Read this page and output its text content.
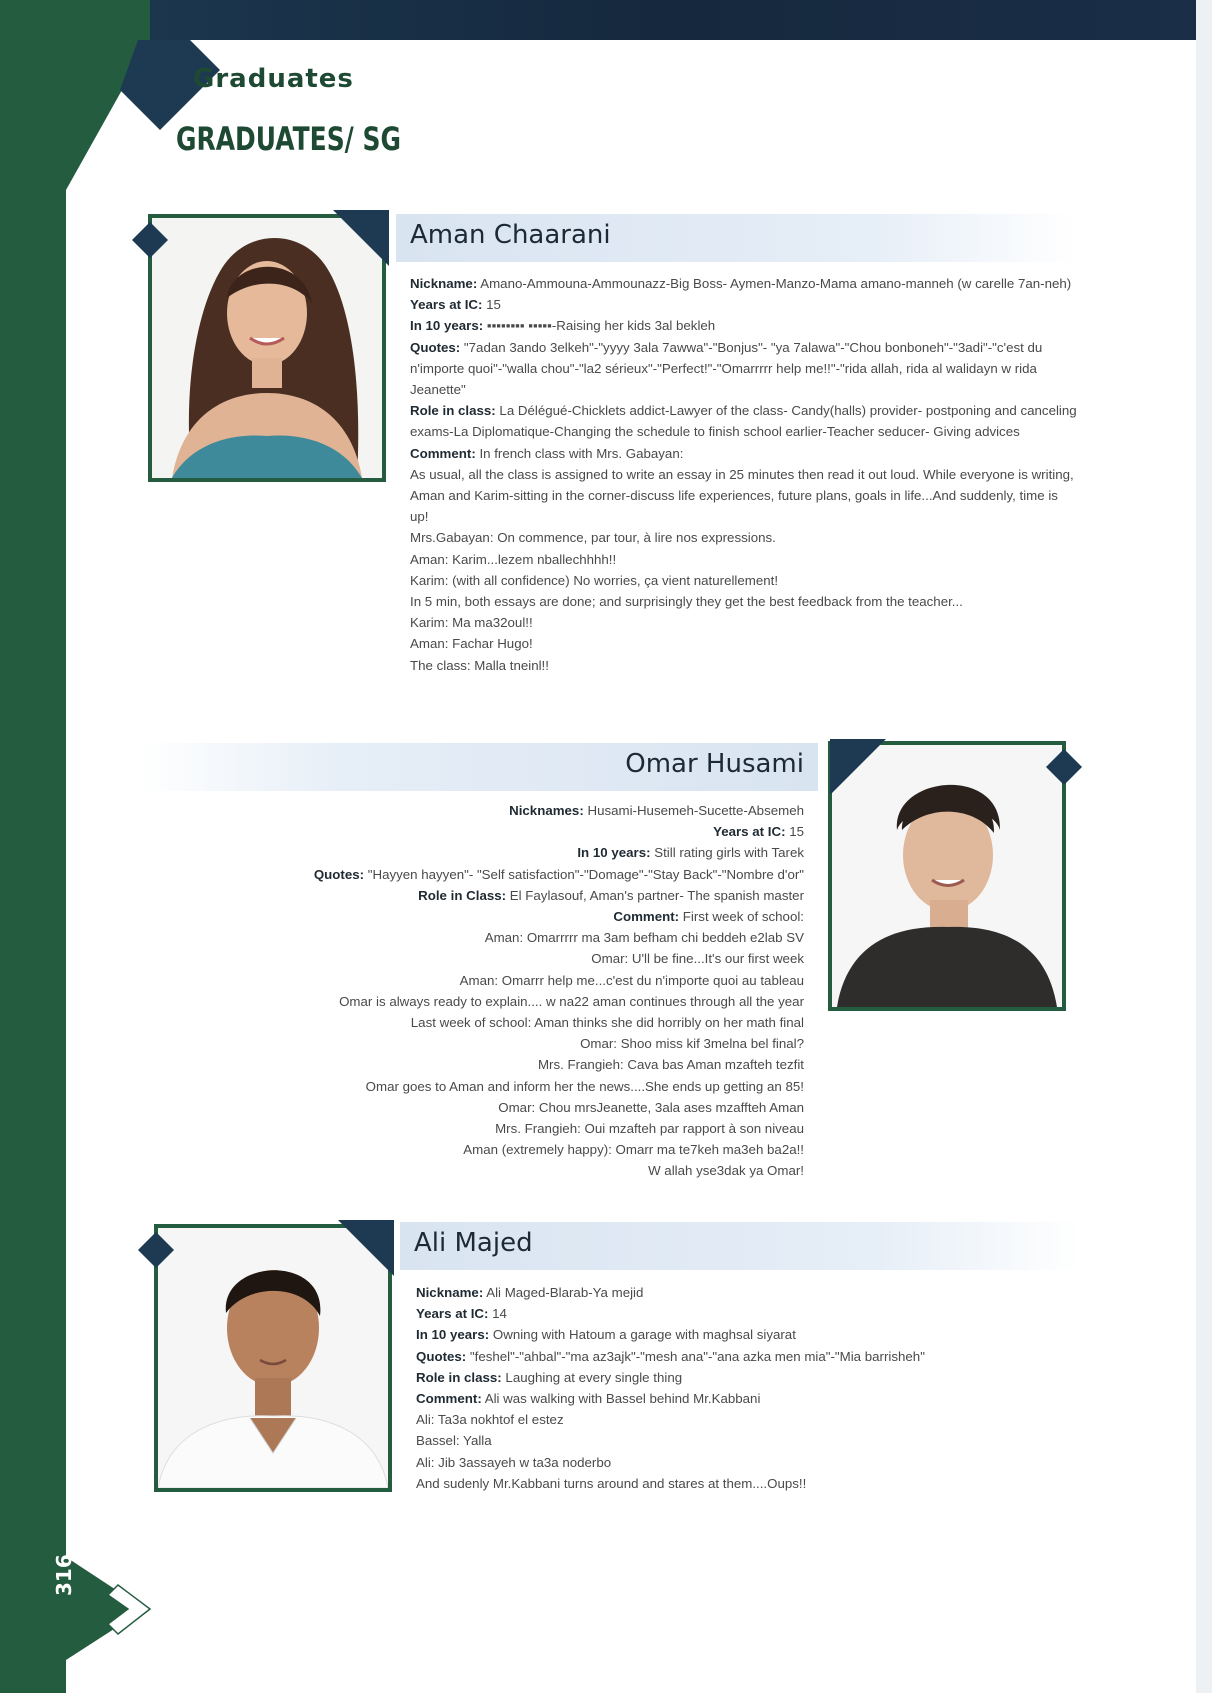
Graduates
GRADUATES/ SG
Aman Chaarani

Nickname: Amano-Ammouna-Ammounazz-Big Boss- Aymen-Manzo-Mama amano-manneh (w carelle 7an-neh)

Years at IC: 15

In 10 years: ▪▪▪▪▪▪▪▪ ▪▪▪▪▪-Raising her kids 3al bekleh

Quotes: "7adan 3ando 3elkeh"-"yyyy 3ala 7awwa"-"Bonjus"- "ya 7alawa"-"Chou bonboneh"-"3adi"-"c'est du n'importe quoi"-"walla chou"-"la2 sérieux"-"Perfect!"-"Omarrrrr help me!!"-"rida allah, rida al walidayn w rida Jeanette"

Role in class: La Délégué-Chicklets addict-Lawyer of the class- Candy(halls) provider- postponing and canceling exams-La Diplomatique-Changing the schedule to finish school earlier-Teacher seducer- Giving advices

Comment: In french class with Mrs. Gabayan:

As usual, all the class is assigned to write an essay in 25 minutes then read it out loud. While everyone is writing, Aman and Karim-sitting in the corner-discuss life experiences, future plans, goals in life...And suddenly, time is up!

Mrs.Gabayan: On commence, par tour, à lire nos expressions.

Aman: Karim...lezem nballechhhh!!

Karim: (with all confidence) No worries, ça vient naturellement!

In 5 min, both essays are done; and surprisingly they get the best feedback from the teacher...

Karim: Ma ma32oul!!

Aman: Fachar Hugo!

The class: Malla tneinl!!

Omar Husami

Nicknames: Husami-Husemeh-Sucette-Absemeh

Years at IC: 15

In 10 years: Still rating girls with Tarek

Quotes: "Hayyen hayyen"- "Self satisfaction"-"Domage"-"Stay Back"-"Nombre d'or"

Role in Class: El Faylasouf, Aman's partner- The spanish master

Comment: First week of school:

Aman: Omarrrrr ma 3am befham chi beddeh e2lab SV

Omar: U'll be fine...It's our first week

Aman: Omarrr help me...c'est du n'importe quoi au tableau

Omar is always ready to explain.... w na22 aman continues through all the year

Last week of school: Aman thinks she did horribly on her math final

Omar: Shoo miss kif 3melna bel final?

Mrs. Frangieh: Cava bas Aman mzafteh tezfit

Omar goes to Aman and inform her the news....She ends up getting an 85!

Omar: Chou mrsJeanette, 3ala ases mzaffteh Aman

Mrs. Frangieh: Oui mzafteh par rapport à son niveau

Aman (extremely happy): Omarr ma te7keh ma3eh ba2a!!

W allah yse3dak ya Omar!

Ali Majed

Nickname: Ali Maged-Blarab-Ya mejid

Years at IC: 14

In 10 years: Owning with Hatoum a garage with maghsal siyarat

Quotes: "feshel"-"ahbal"-"ma az3ajk"-"mesh ana"-"ana azka men mia"-"Mia barrisheh"

Role in class: Laughing at every single thing

Comment: Ali was walking with Bassel behind Mr.Kabbani

Ali: Ta3a nokhtof el estez

Bassel: Yalla

Ali: Jib 3assayeh w ta3a noderbo

And sudenly Mr.Kabbani turns around and stares at them....Oups!!

316
